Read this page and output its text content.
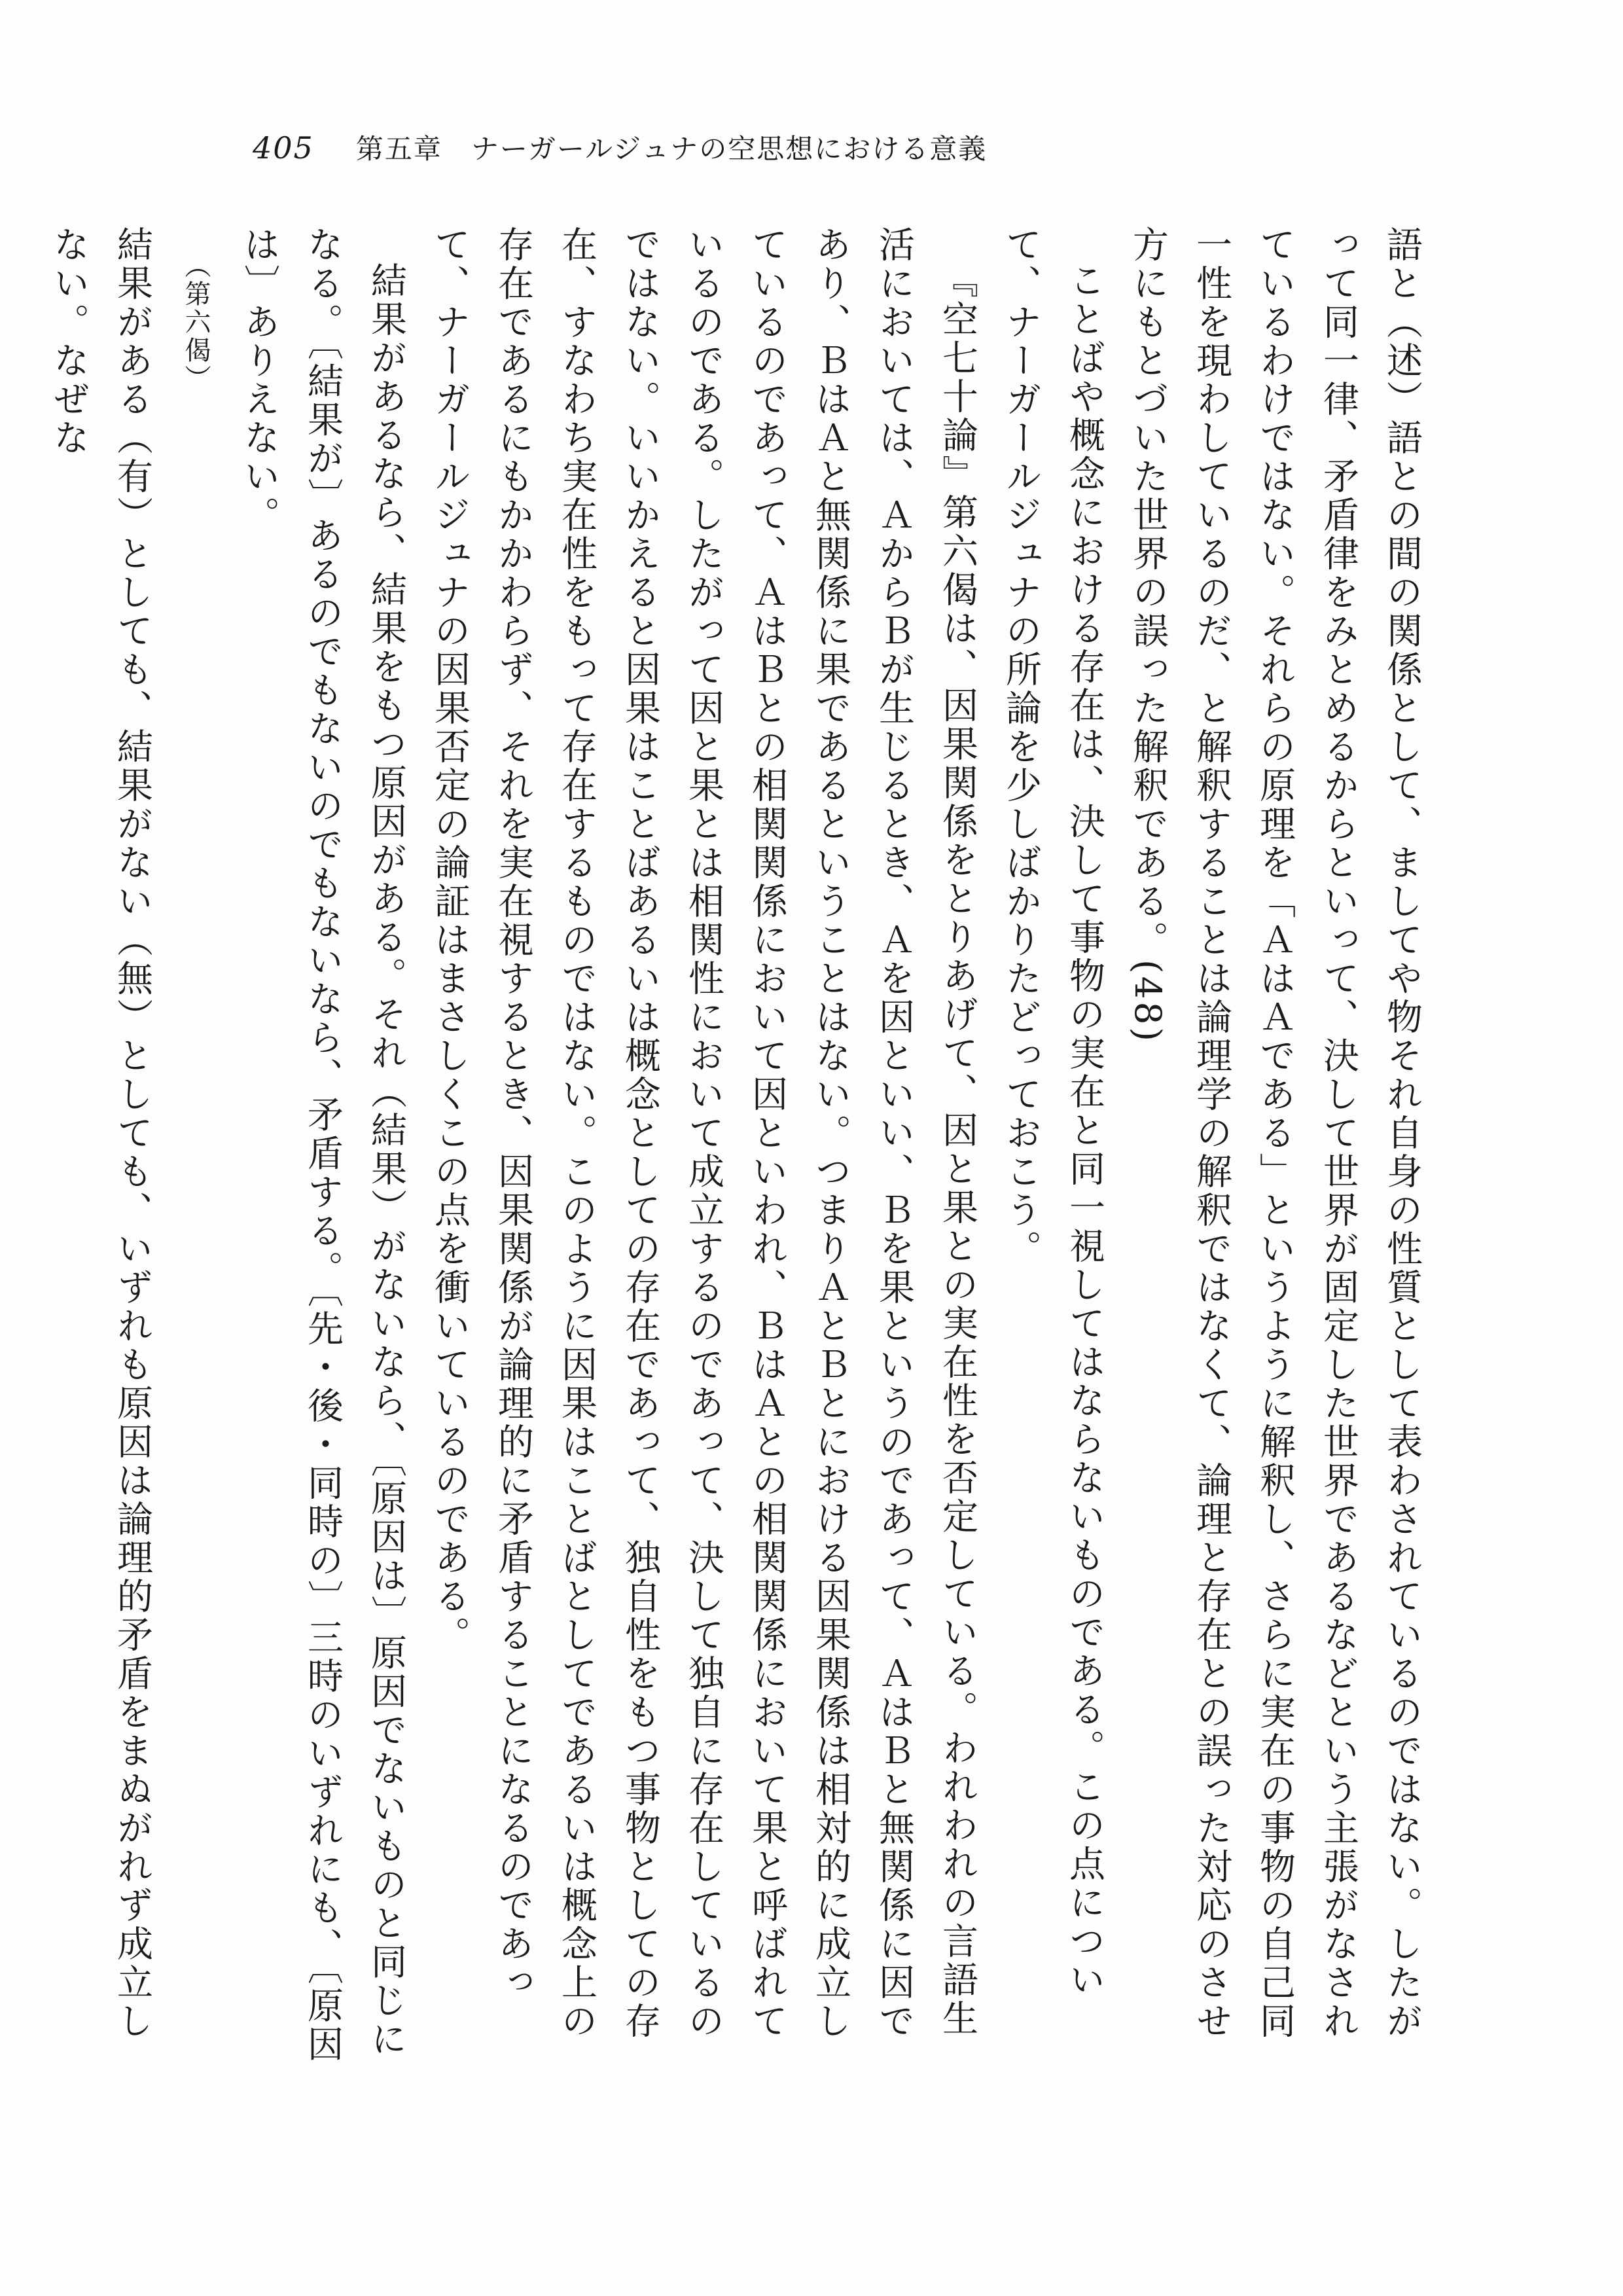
405 第五章　ナーガールジュナの空思想における意義

語と（述）語との間の関係として、ましてや物それ自身の性質として表わされているのではない。したがって同一律、矛盾律をみとめるからといって、決して世界が固定した世界であるなどという主張がなされているわけではない。それらの原理を「ＡはＡである」というように解釈し、さらに実在の事物の自己同一性を現わしているのだ、と解釈することは論理学の解釈ではなくて、論理と存在との誤った対応のさせ方にもとづいた世界の誤った解釈である。(48)

ことばや概念における存在は、決して事物の実在と同一視してはならないものである。この点について、ナーガールジュナの所論を少しばかりたどっておこう。

『空七十論』第六偈は、因果関係をとりあげて、因と果との実在性を否定している。われわれの言語生活においては、ＡからＢが生じるとき、Ａを因といい、Ｂを果というのであって、ＡはＢと無関係に因であり、ＢはＡと無関係に果であるということはない。つまりＡとＢとにおける因果関係は相対的に成立しているのであって、ＡはＢとの相関関係において因といわれ、ＢはＡとの相関関係において果と呼ばれているのである。したがって因と果とは相関性において成立するのであって、決して独自に存在しているのではない。いいかえると因果はことばあるいは概念としての存在であって、独自性をもつ事物としての存在、すなわち実在性をもって存在するものではない。このように因果はことばとしてであるいは概念上の存在であるにもかかわらず、それを実在視するとき、因果関係が論理的に矛盾することになるのであって、ナーガールジュナの因果否定の論証はまさしくこの点を衝いているのである。

結果があるなら、結果をもつ原因がある。それ（結果）がないなら、〔原因は〕原因でないものと同じになる。〔結果が〕あるのでもないのでもないなら、矛盾する。〔先・後・同時の〕三時のいずれにも、〔原因は〕ありえない。

（第六偈）

結果がある（有）としても、結果がない（無）としても、いずれも原因は論理的矛盾をまぬがれず成立しない。なぜな
